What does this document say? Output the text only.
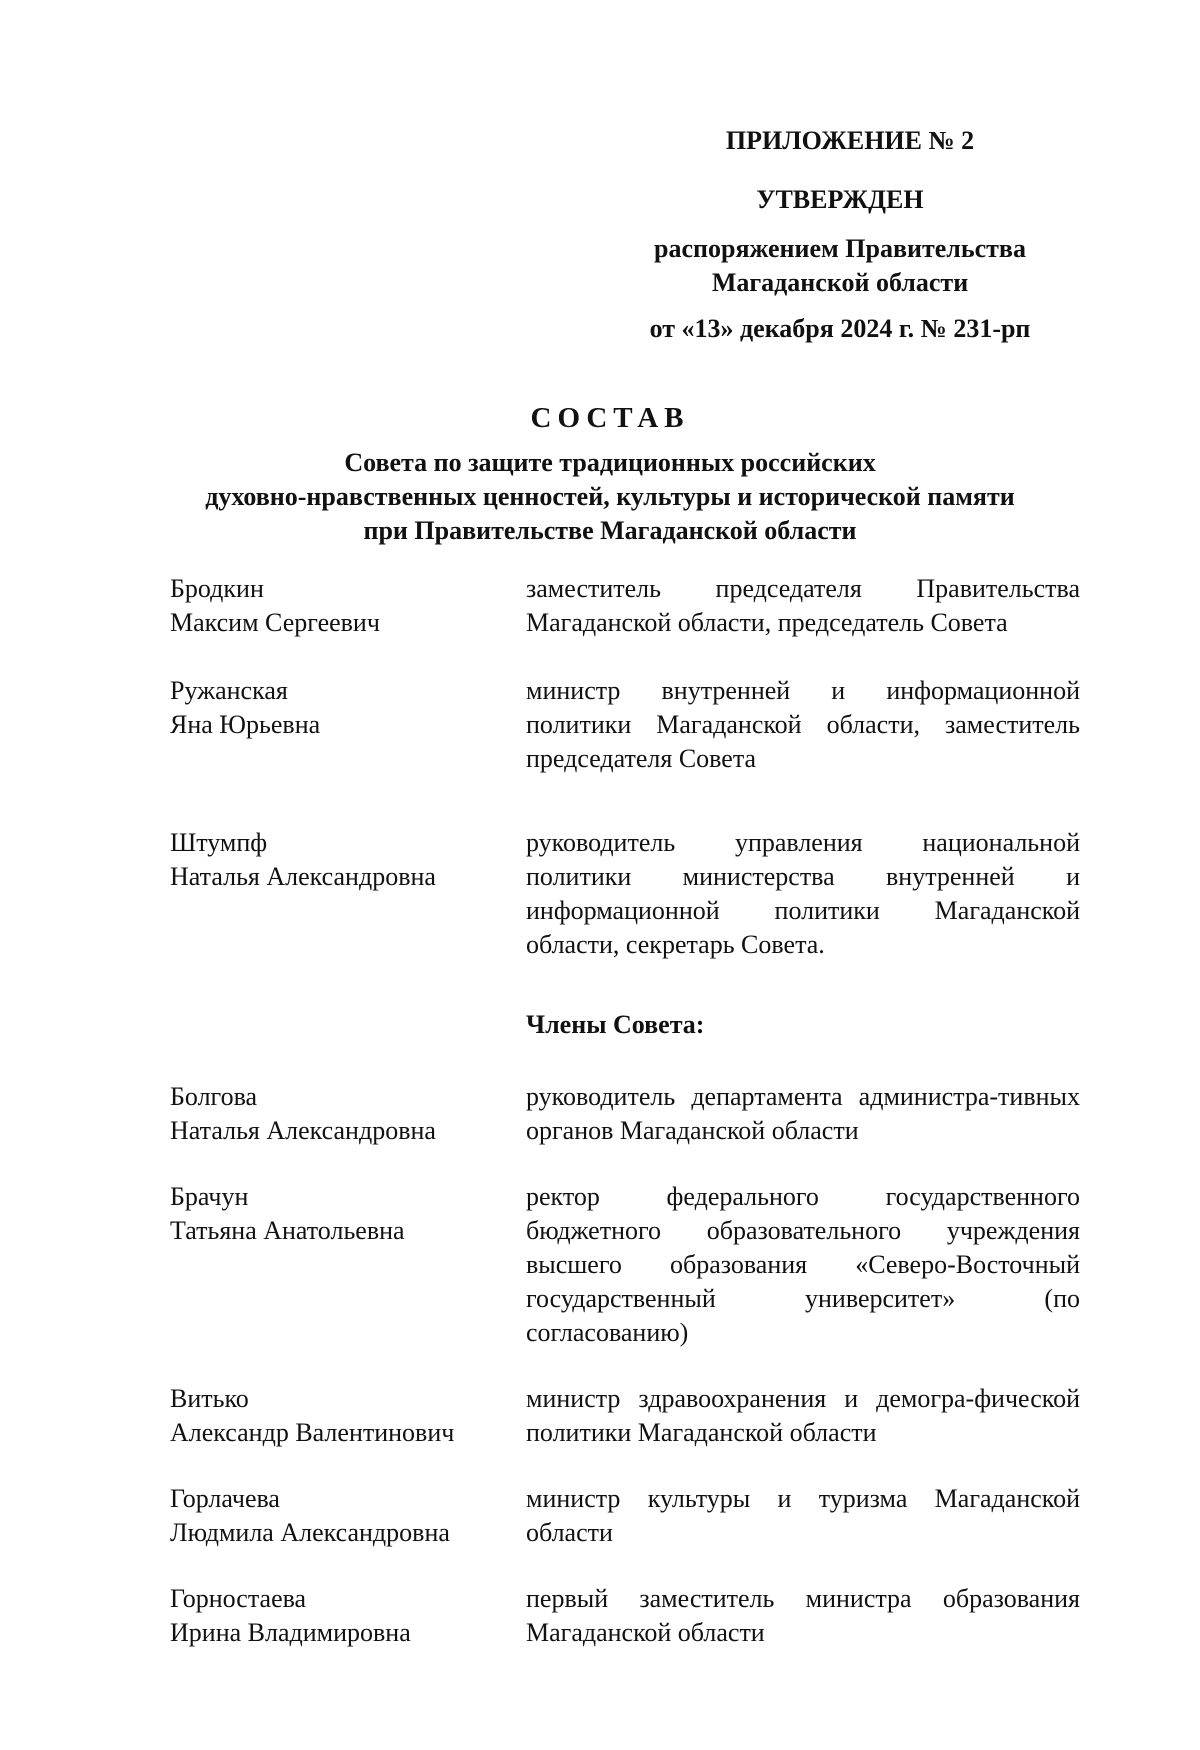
ПРИЛОЖЕНИЕ № 2
УТВЕРЖДЕН
распоряжением Правительства
Магаданской области
от «13» декабря 2024 г. № 231-рп
СОСТАВ
Совета по защите традиционных российских
духовно-нравственных ценностей, культуры и исторической памяти
при Правительстве Магаданской области
Бродкин
Максим Сергеевич
заместитель председателя Правительства Магаданской области, председатель Совета
Ружанская
Яна Юрьевна
министр внутренней и информационной политики Магаданской области, заместитель председателя Совета
Штумпф
Наталья Александровна
руководитель управления национальной политики министерства внутренней и информационной политики Магаданской области, секретарь Совета.
Члены Совета:
Болгова
Наталья Александровна
руководитель департамента администра-тивных органов Магаданской области
Брачун
Татьяна Анатольевна
ректор федерального государственного бюджетного образовательного учреждения высшего образования «Северо-Восточный государственный университет» (по согласованию)
Витько
Александр Валентинович
министр здравоохранения и демогра-фической политики Магаданской области
Горлачева
Людмила Александровна
министр культуры и туризма Магаданской области
Горностаева
Ирина Владимировна
первый заместитель министра образования Магаданской области
